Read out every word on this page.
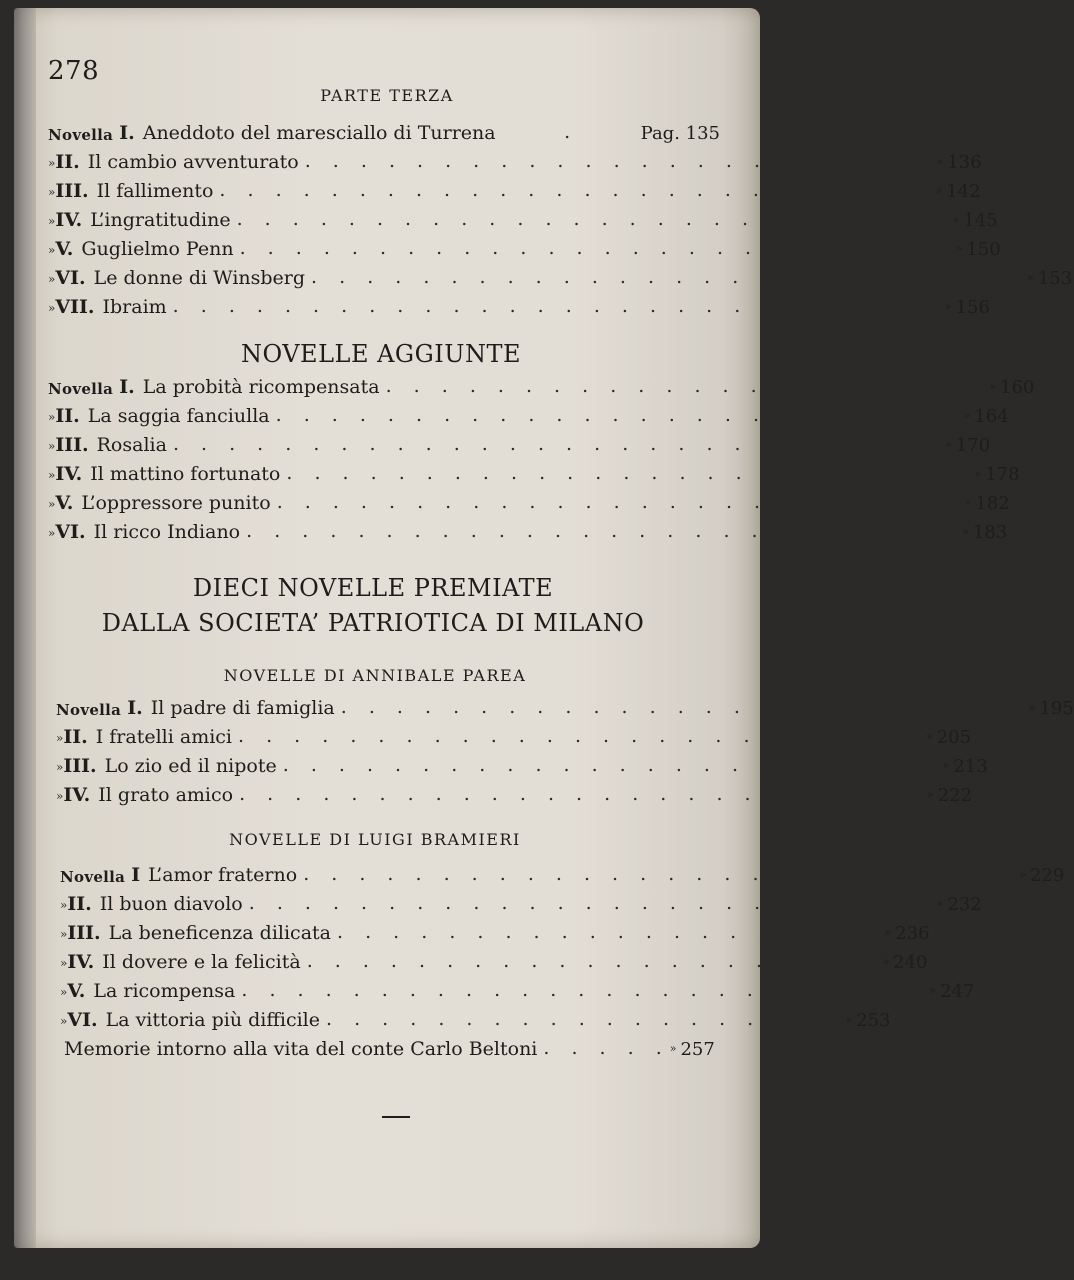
278
PARTE TERZA
Novella I. Aneddoto del maresciallo di Turrena	.	Pag. 135
» II. Il cambio avventurato . . . . . . . . . . . . . . . . . . . . . . . » 136
» III. Il fallimento . . . . . . . . . . . . . . . . . . . . . . . . . . » 142
» IV. L’ingratitudine . . . . . . . . . . . . . . . . . . . . . . . . . . » 145
» V. Guglielmo Penn . . . . . . . . . . . . . . . . . . . . . . . . . . » 150
» VI. Le donne di Winsberg . . . . . . . . . . . . . . . . . . . . . . . . . . » 153
» VII. Ibraim . . . . . . . . . . . . . . . . . . . . . . . . . . . . » 156
NOVELLE AGGIUNTE
Novella I. La probità ricompensata . . . . . . . . . . . . . . . . . . . . . . » 160
» II. La saggia fanciulla . . . . . . . . . . . . . . . . . . . . . . . . . » 164
» III. Rosalia . . . . . . . . . . . . . . . . . . . . . . . . . . . . » 170
» IV. Il mattino fortunato . . . . . . . . . . . . . . . . . . . . . . . . . » 178
» V. L’oppressore punito . . . . . . . . . . . . . . . . . . . . . . . . . » 182
» VI. Il ricco Indiano . . . . . . . . . . . . . . . . . . . . . . . . . . » 183
DIECI NOVELLE PREMIATE
DALLA SOCIETA’ PATRIOTICA DI MILANO
NOVELLE DI ANNIBALE PAREA
Novella I. Il padre di famiglia . . . . . . . . . . . . . . . . . . . . . . . . . » 195
» II. I fratelli amici . . . . . . . . . . . . . . . . . . . . . . . . . » 205
» III. Lo zio ed il nipote . . . . . . . . . . . . . . . . . . . . . . . . » 213
» IV. Il grato amico . . . . . . . . . . . . . . . . . . . . . . . . . » 222
NOVELLE DI LUIGI BRAMIERI
Novella I L’amor fraterno . . . . . . . . . . . . . . . . . . . . . . . . . . » 229
» II. Il buon diavolo . . . . . . . . . . . . . . . . . . . . . . . . . » 232
» III. La beneficenza dilicata . . . . . . . . . . . . . . . . . . . . » 236
» IV. Il dovere e la felicità . . . . . . . . . . . . . . . . . . . . . » 240
» V. La ricompensa . . . . . . . . . . . . . . . . . . . . . . . . . » 247
» VI. La vittoria più difficile . . . . . . . . . . . . . . . . . . . » 253
Memorie intorno alla vita del conte Carlo Beltoni . . . . . » 257
